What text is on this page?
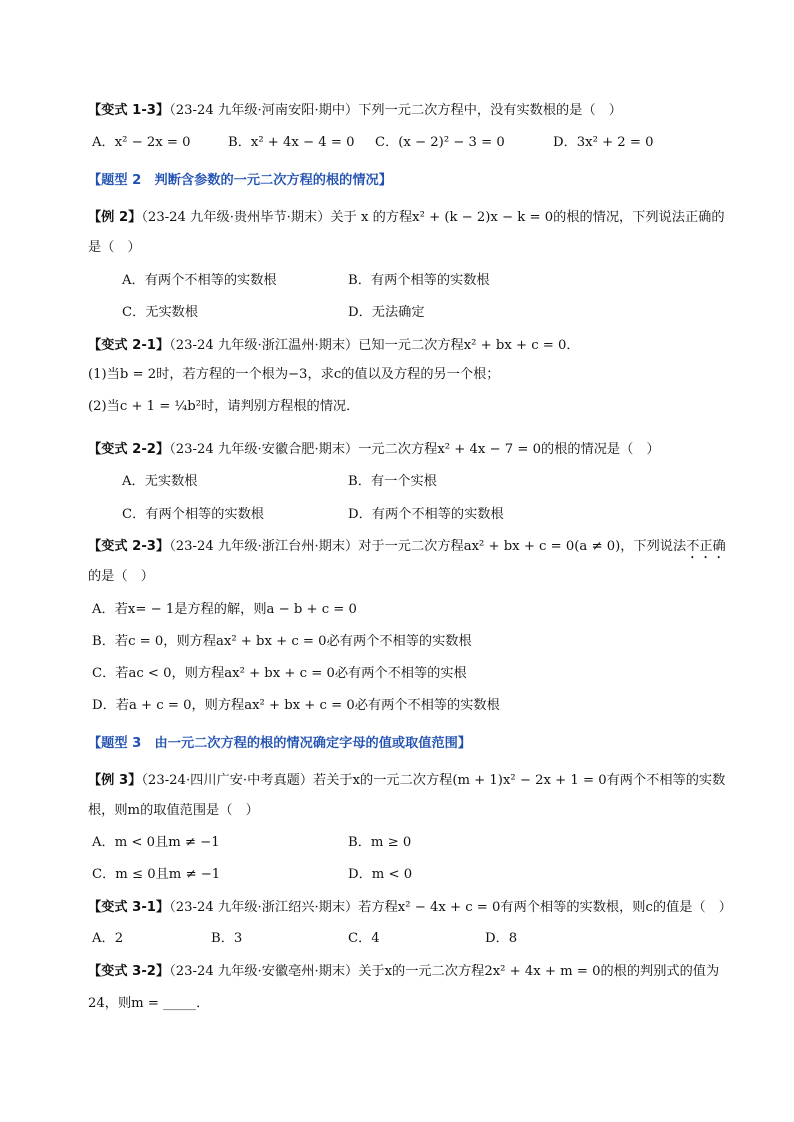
【变式 1-3】（23-24 九年级·河南安阳·期中）下列一元二次方程中，没有实数根的是（　）
A．x² − 2x = 0	B．x² + 4x − 4 = 0 C．(x − 2)² − 3 = 0	D．3x² + 2 = 0
【题型 2　判断含参数的一元二次方程的根的情况】
【例 2】（23-24 九年级·贵州毕节·期末）关于 x 的方程x² + (k − 2)x − k = 0的根的情况，下列说法正确的
是（　）
A．有两个不相等的实数根	B．有两个相等的实数根
C．无实数根	D．无法确定
【变式 2-1】（23-24 九年级·浙江温州·期末）已知一元二次方程x² + bx + c = 0．
(1)当b = 2时，若方程的一个根为−3，求c的值以及方程的另一个根；
(2)当c + 1 = ¼b²时，请判别方程根的情况．
【变式 2-2】（23-24 九年级·安徽合肥·期末）一元二次方程x² + 4x − 7 = 0的根的情况是（　）
A．无实数根	B．有一个实根
C．有两个相等的实数根	D．有两个不相等的实数根
【变式 2-3】（23-24 九年级·浙江台州·期末）对于一元二次方程ax² + bx + c = 0(a ≠ 0)，下列说法不正确
的是（　）
A．若x= − 1是方程的解，则a − b + c = 0
B．若c = 0，则方程ax² + bx + c = 0必有两个不相等的实数根
C．若ac < 0，则方程ax² + bx + c = 0必有两个不相等的实根
D．若a + c = 0，则方程ax² + bx + c = 0必有两个不相等的实数根
【题型 3　由一元二次方程的根的情况确定字母的值或取值范围】
【例 3】（23-24·四川广安·中考真题）若关于x的一元二次方程(m + 1)x² − 2x + 1 = 0有两个不相等的实数
根，则m的取值范围是（　）
A．m < 0且m ≠ −1	B．m ≥ 0
C．m ≤ 0且m ≠ −1	D．m < 0
【变式 3-1】（23-24 九年级·浙江绍兴·期末）若方程x² − 4x + c = 0有两个相等的实数根，则c的值是（　）
A．2	B．3	C．4	D．8
【变式 3-2】（23-24 九年级·安徽亳州·期末）关于x的一元二次方程2x² + 4x + m = 0的根的判别式的值为
24，则m = _____．
